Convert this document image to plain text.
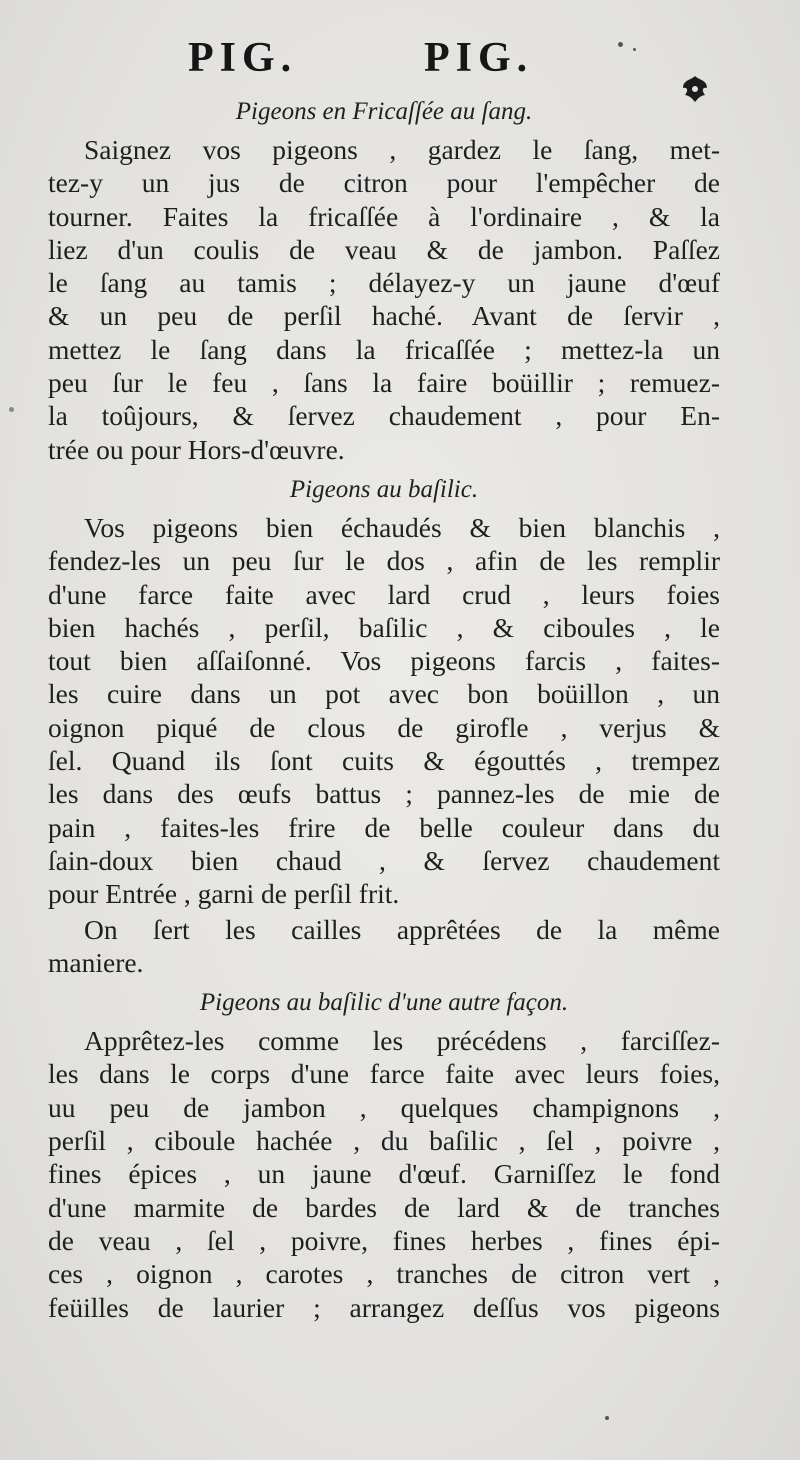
PIG.	PIG.

Pigeons en Fricaſſée au ſang.

Saignez vos pigeons , gardez le ſang, met-
tez-y un jus de citron pour l'empêcher de
tourner. Faites la fricaſſée à l'ordinaire , & la
liez d'un coulis de veau & de jambon. Paſſez
le ſang au tamis ; délayez-y un jaune d'œuf
& un peu de perſil haché. Avant de ſervir ,
mettez le ſang dans la fricaſſée ; mettez-la un
peu ſur le feu , ſans la faire boüillir ; remuez-
la toûjours, & ſervez chaudement , pour En-
trée ou pour Hors-d'œuvre.

Pigeons au baſilic.

Vos pigeons bien échaudés & bien blanchis ,
fendez-les un peu ſur le dos , afin de les remplir
d'une farce faite avec lard crud , leurs foies
bien hachés , perſil, baſilic , & ciboules , le
tout bien aſſaiſonné. Vos pigeons farcis , faites-
les cuire dans un pot avec bon boüillon , un
oignon piqué de clous de girofle , verjus &
ſel. Quand ils ſont cuits & égouttés , trempez
les dans des œufs battus ; pannez-les de mie de
pain , faites-les frire de belle couleur dans du
ſain-doux bien chaud , & ſervez chaudement
pour Entrée , garni de perſil frit.
On ſert les cailles apprêtées de la même
maniere.

Pigeons au baſilic d'une autre façon.

Apprêtez-les comme les précédens , farciſſez-
les dans le corps d'une farce faite avec leurs foies,
uu peu de jambon , quelques champignons ,
perſil , ciboule hachée , du baſilic , ſel , poivre ,
fines épices , un jaune d'œuf. Garniſſez le fond
d'une marmite de bardes de lard & de tranches
de veau , ſel , poivre, fines herbes , fines épi-
ces , oignon , carotes , tranches de citron vert ,
feüilles de laurier ; arrangez deſſus vos pigeons
